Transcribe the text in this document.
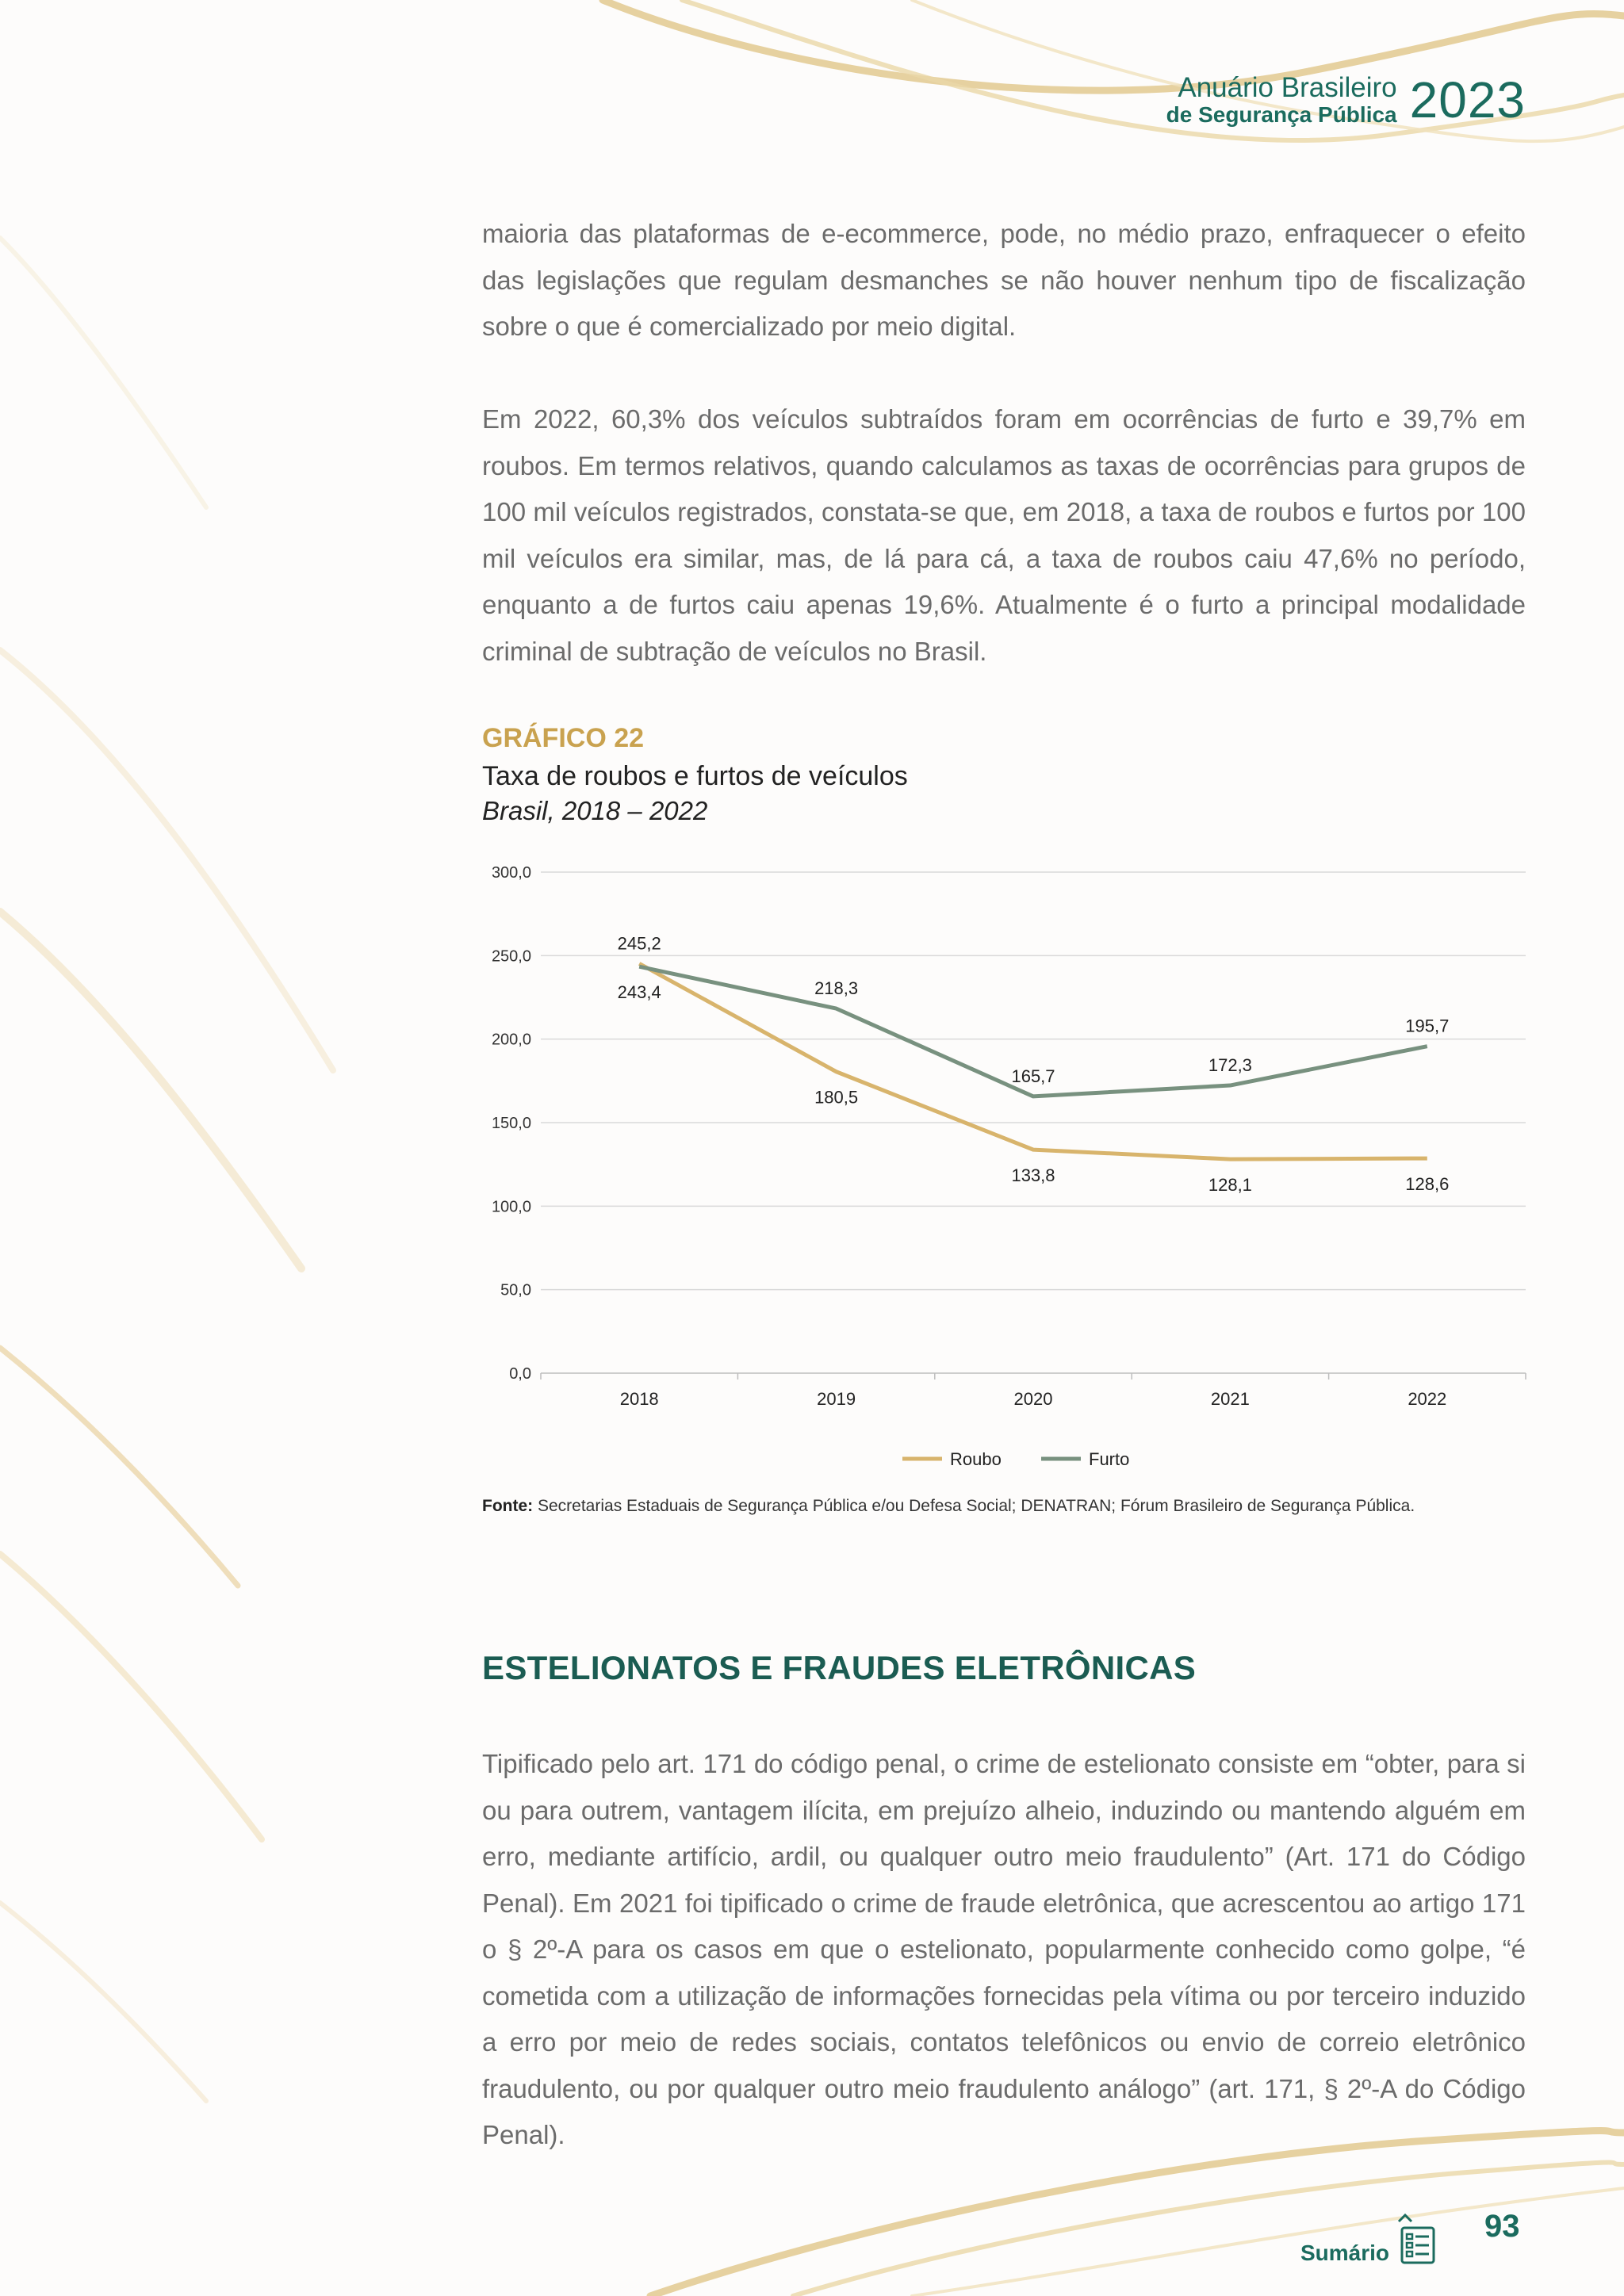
Anuário Brasileiro
de Segurança Pública 2023

maioria das plataformas de e-ecommerce, pode, no médio prazo, enfraquecer o efeito das legislações que regulam desmanches se não houver nenhum tipo de fiscalização sobre o que é comercializado por meio digital.

Em 2022, 60,3% dos veículos subtraídos foram em ocorrências de furto e 39,7% em roubos. Em termos relativos, quando calculamos as taxas de ocorrências para grupos de 100 mil veículos registrados, constata-se que, em 2018, a taxa de roubos e furtos por 100 mil veículos era similar, mas, de lá para cá, a taxa de roubos caiu 47,6% no período, enquanto a de furtos caiu apenas 19,6%. Atualmente é o furto a principal modalidade criminal de subtração de veículos no Brasil.

GRÁFICO 22
Taxa de roubos e furtos de veículos
Brasil, 2018 – 2022
0,0
50,0
100,0
150,0
200,0
250,0
300,0
2018	2019	2020	2021	2022
245,2
180,5
133,8	128,1	128,6
243,4	218,3
165,7
172,3
195,7
Roubo	Furto
Fonte: Secretarias Estaduais de Segurança Pública e/ou Defesa Social; DENATRAN; Fórum Brasileiro de Segurança Pública.
ESTELIONATOS E FRAUDES ELETRÔNICAS

Tipificado pelo art. 171 do código penal, o crime de estelionato consiste em “obter, para si ou para outrem, vantagem ilícita, em prejuízo alheio, induzindo ou mantendo alguém em erro, mediante artifício, ardil, ou qualquer outro meio fraudulento” (Art. 171 do Código Penal). Em 2021 foi tipificado o crime de fraude eletrônica, que acrescentou ao artigo 171 o § 2º-A para os casos em que o estelionato, popularmente conhecido como golpe, “é cometida com a utilização de informações fornecidas pela vítima ou por terceiro induzido a erro por meio de redes sociais, contatos telefônicos ou envio de correio eletrônico fraudulento, ou por qualquer outro meio fraudulento análogo” (art. 171, § 2º-A do Código Penal).

Sumário
93
